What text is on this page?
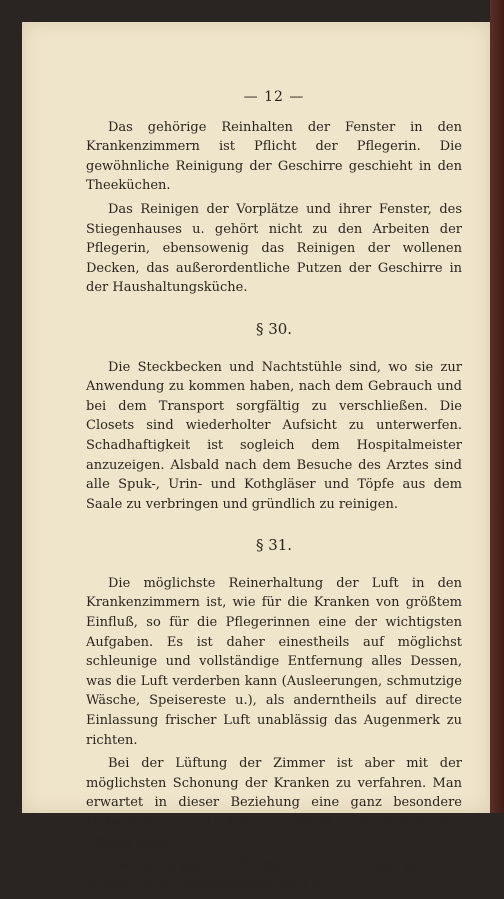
— 12 —

Das gehörige Reinhalten der Fenster in den Krankenzimmern ist Pflicht der Pflegerin. Die gewöhnliche Reinigung der Geschirre geschieht in den Theeküchen.

Das Reinigen der Vorplätze und ihrer Fenster, des Stiegenhauses u. gehört nicht zu den Arbeiten der Pflegerin, ebensowenig das Reinigen der wollenen Decken, das außerordentliche Putzen der Geschirre in der Haushaltungsküche.

§ 30.

Die Steckbecken und Nachtstühle sind, wo sie zur Anwendung zu kommen haben, nach dem Gebrauch und bei dem Transport sorgfältig zu verschließen. Die Closets sind wiederholter Aufsicht zu unterwerfen. Schadhaftigkeit ist sogleich dem Hospitalmeister anzuzeigen. Alsbald nach dem Besuche des Arztes sind alle Spuk-, Urin- und Kothgläser und Töpfe aus dem Saale zu verbringen und gründlich zu reinigen.

§ 31.

Die möglichste Reinerhaltung der Luft in den Krankenzimmern ist, wie für die Kranken von größtem Einfluß, so für die Pflegerinnen eine der wichtigsten Aufgaben. Es ist daher einestheils auf möglichst schleunige und vollständige Entfernung alles Dessen, was die Luft verderben kann (Ausleerungen, schmutzige Wäsche, Speisereste u.), als anderntheils auf directe Einlassung frischer Luft unablässig das Augenmerk zu richten.

Bei der Lüftung der Zimmer ist aber mit der möglichsten Schonung der Kranken zu verfahren. Man erwartet in dieser Beziehung eine ganz besondere Ueberlegung und Aufmerksamkeit von Seiten der Pflegerinnen.

Räucherungen im Zimmer dürfen nur auf ärztliche Anordnungen vorgenommen werden.
